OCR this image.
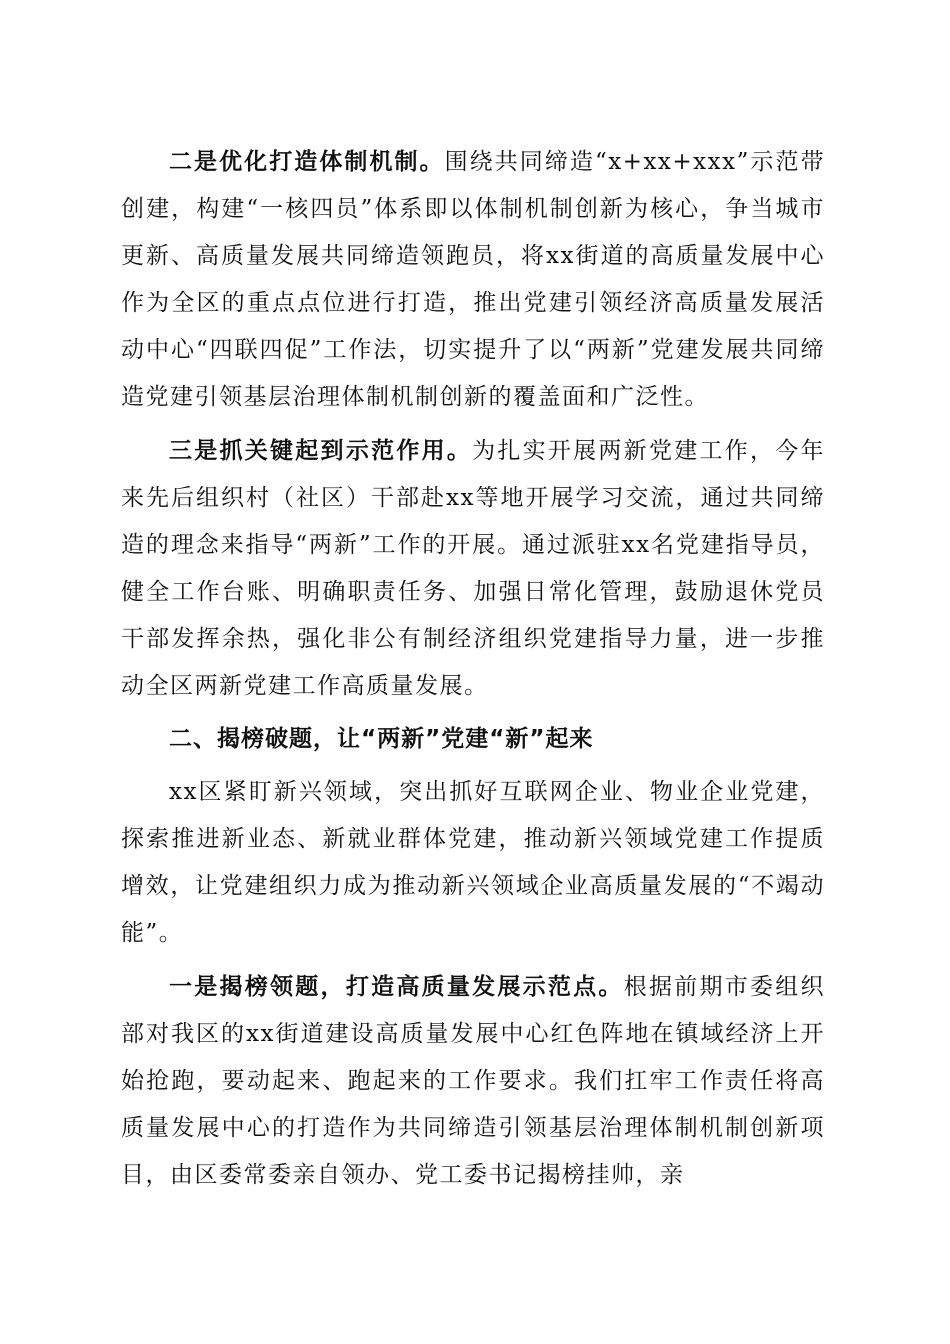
二是优化打造体制机制。围绕共同缔造“x+xx+xxx”示范带创建，构建“一核四员”体系即以体制机制创新为核心，争当城市更新、高质量发展共同缔造领跑员，将xx街道的高质量发展中心作为全区的重点点位进行打造，推出党建引领经济高质量发展活动中心“四联四促”工作法，切实提升了以“两新”党建发展共同缔造党建引领基层治理体制机制创新的覆盖面和广泛性。

三是抓关键起到示范作用。为扎实开展两新党建工作，今年来先后组织村（社区）干部赴xx等地开展学习交流，通过共同缔造的理念来指导“两新”工作的开展。通过派驻xx名党建指导员，健全工作台账、明确职责任务、加强日常化管理，鼓励退休党员干部发挥余热，强化非公有制经济组织党建指导力量，进一步推动全区两新党建工作高质量发展。

二、揭榜破题，让“两新”党建“新”起来

xx区紧盯新兴领域，突出抓好互联网企业、物业企业党建，探索推进新业态、新就业群体党建，推动新兴领域党建工作提质增效，让党建组织力成为推动新兴领域企业高质量发展的“不竭动能”。

一是揭榜领题，打造高质量发展示范点。根据前期市委组织部对我区的xx街道建设高质量发展中心红色阵地在镇域经济上开始抢跑，要动起来、跑起来的工作要求。我们扛牢工作责任将高质量发展中心的打造作为共同缔造引领基层治理体制机制创新项目，由区委常委亲自领办、党工委书记揭榜挂帅，亲
